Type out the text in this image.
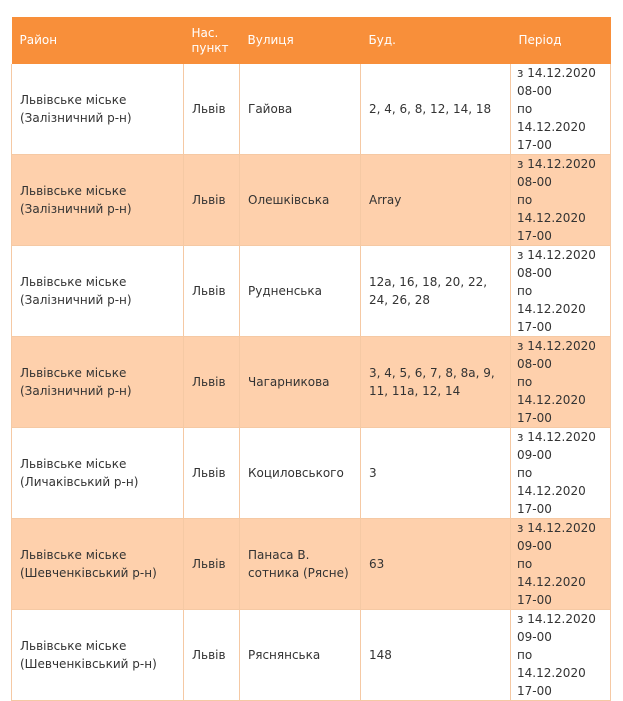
Район	Нас. пункт	Вулиця	Буд.	Період

Львівське міське
(Залізничний р-н)	Львів	Гайова	2, 4, 6, 8, 12, 14, 18	з 14.12.2020
08-00
по 14.12.2020
17-00

Львівське міське
(Залізничний р-н)	Львів	Олешківська	Array	з 14.12.2020
08-00
по 14.12.2020
17-00

Львівське міське
(Залізничний р-н)	Львів	Рудненська	12а, 16, 18, 20, 22, 24, 26, 28	з 14.12.2020
08-00
по 14.12.2020
17-00

Львівське міське
(Залізничний р-н)	Львів	Чагарникова	3, 4, 5, 6, 7, 8, 8а, 9, 11, 11а, 12, 14	з 14.12.2020
08-00
по 14.12.2020
17-00

Львівське міське
(Личаківський р-н)	Львів	Коцилoвського	3	з 14.12.2020
09-00
по 14.12.2020
17-00

Львівське міське
(Шевченківський р-н)	Львів	Панаса В. сотника (Рясне)	63	з 14.12.2020
09-00
по 14.12.2020
17-00

Львівське міське
(Шевченківський р-н)	Львів	Ряснянська	148	з 14.12.2020
09-00
по 14.12.2020
17-00
